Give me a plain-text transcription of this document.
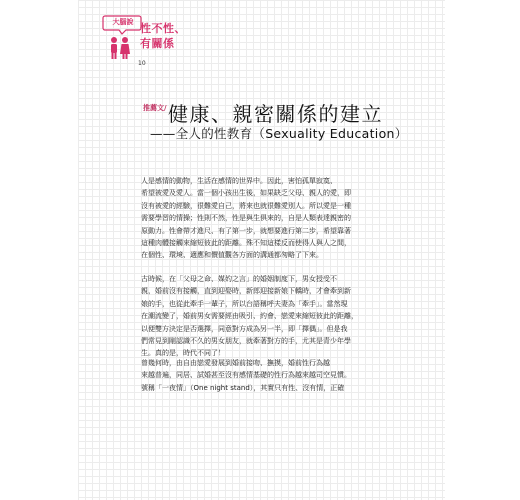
大腦說 性不性、
有關係
10
推薦文/ 健康、親密關係的建立
——全人的性教育（Sexuality Education）
人是感情的動物，生活在感情的世界中。因此，害怕孤單寂寞、
希望被愛及愛人。當一個小孩出生後，如果缺乏父母、親人的愛，即
沒有被愛的經驗，很難愛自己，將來也就很難愛別人。所以愛是一種
需要學習的情操；性則不然，性是與生俱來的，自是人類表達親密的
原動力。性會帶才進尺、有了第一步，就想要進行第二步，希望靠著
這種肉體接觸來縮短彼此的距離。殊不知這樣反而使得人與人之間，
在個性、環境、適應和價值觀各方面的溝通都匆略了下來。
古時候，在「父母之命、媒妁之言」的婚姻制度下，男女授受不
親，婚前沒有接觸，直到迎娶時，新郎迎接新娘下轎時，才會牽到新
娘的手，也從此牽手一輩子，所以台語稱呼夫妻為「牽手」。當然現
在潮流變了，婚前男女需要經由吸引、約會、戀愛來縮短彼此的距離，
以便雙方決定是否選擇，同意對方成為另一半，即「擇偶」。但是我
們常見到剛認識不久的男女朋友，就牽著對方的手，尤其是青少年學
生。真的是，時代不同了！
曾幾何時，由自由戀愛發展到婚前接吻、撫摸，婚前性行為越
來越普遍，同居、試婚甚至沒有感情基礎的性行為越來越司空見慣。
號稱「一夜情」（One night stand），其實只有性、沒有情，正確
